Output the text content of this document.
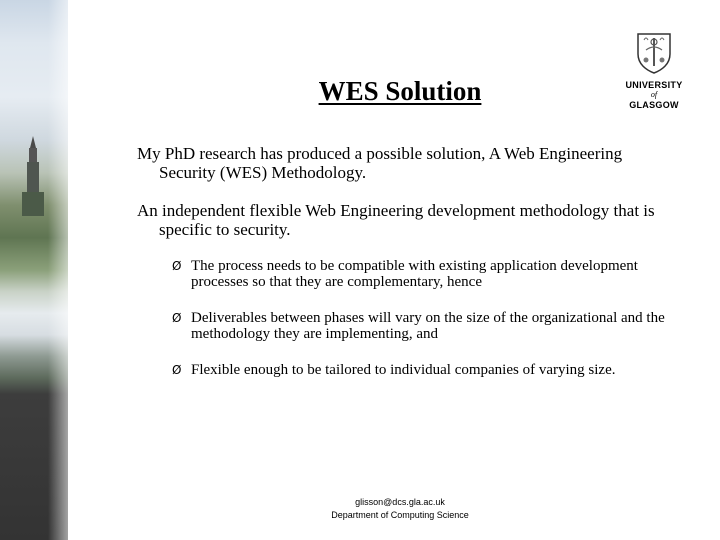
WES Solution	UNIVERSITY
of
GLASGOW

My PhD research has produced a possible solution, A Web Engineering Security (WES) Methodology.

An independent flexible Web Engineering development methodology that is specific to security.

Ø The process needs to be compatible with existing application development processes so that they are complementary, hence
Ø Deliverables between phases will vary on the size of the organizational and the methodology they are implementing, and
Ø Flexible enough to be tailored to individual companies of varying size.
glisson@dcs.gla.ac.uk
Department of Computing Science
